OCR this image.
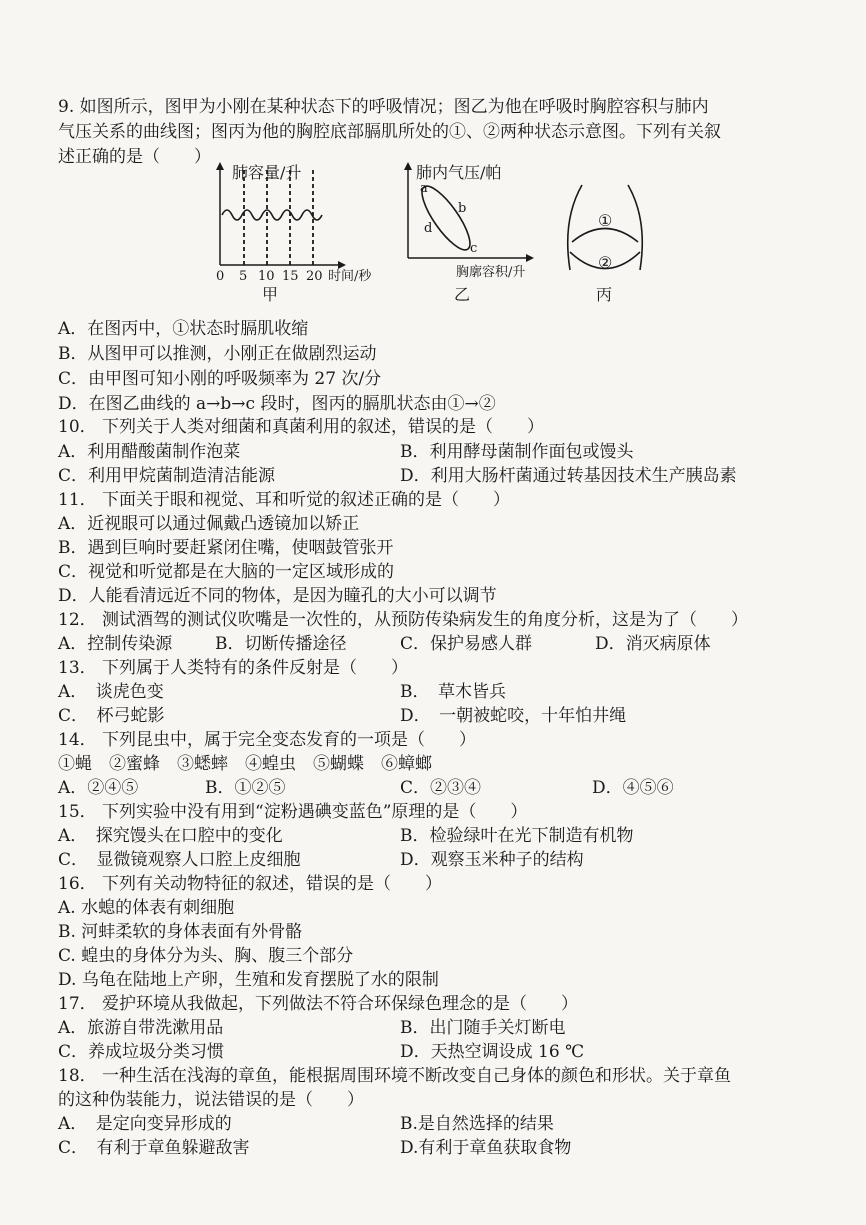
9. 如图所示，图甲为小刚在某种状态下的呼吸情况；图乙为他在呼吸时胸腔容积与肺内
气压关系的曲线图；图丙为他的胸腔底部膈肌所处的①、②两种状态示意图。下列有关叙
述正确的是（　　）
肺容量/升
0 5 10 15 20 时间/秒
甲
肺内气压/帕
a
b
c
d
胸廓容积/升
乙
①
②
丙
A．在图丙中，①状态时膈肌收缩
B．从图甲可以推测，小刚正在做剧烈运动
C．由甲图可知小刚的呼吸频率为 27 次/分
D．在图乙曲线的 a→b→c 段时，图丙的膈肌状态由①→②
10． 下列关于人类对细菌和真菌利用的叙述，错误的是（　　）
A．利用醋酸菌制作泡菜	B．利用酵母菌制作面包或馒头
C．利用甲烷菌制造清洁能源	D．利用大肠杆菌通过转基因技术生产胰岛素
11． 下面关于眼和视觉、耳和听觉的叙述正确的是（　　）
A．近视眼可以通过佩戴凸透镜加以矫正
B．遇到巨响时要赶紧闭住嘴，使咽鼓管张开
C．视觉和听觉都是在大脑的一定区域形成的
D．人能看清远近不同的物体，是因为瞳孔的大小可以调节
12． 测试酒驾的测试仪吹嘴是一次性的，从预防传染病发生的角度分析，这是为了（　　）
A．控制传染源	B．切断传播途径	C．保护易感人群	D．消灭病原体
13． 下列属于人类特有的条件反射是（　　）
A．　谈虎色变	B．　草木皆兵
C．　杯弓蛇影	D．　一朝被蛇咬，十年怕井绳
14． 下列昆虫中，属于完全变态发育的一项是（　　）
①蝇　②蜜蜂　③蟋蟀　④蝗虫　⑤蝴蝶　⑥蟑螂
A．②④⑤	B．①②⑤	C．②③④	D．④⑤⑥
15． 下列实验中没有用到“淀粉遇碘变蓝色”原理的是（　　）
A．　探究馒头在口腔中的变化	B．检验绿叶在光下制造有机物
C．　显微镜观察人口腔上皮细胞	D．观察玉米种子的结构
16． 下列有关动物特征的叙述，错误的是（　　）
A. 水螅的体表有刺细胞
B. 河蚌柔软的身体表面有外骨骼
C. 蝗虫的身体分为头、胸、腹三个部分
D. 乌龟在陆地上产卵，生殖和发育摆脱了水的限制
17． 爱护环境从我做起，下列做法不符合环保绿色理念的是（　　）
A．旅游自带洗漱用品	B．出门随手关灯断电
C．养成垃圾分类习惯	D．天热空调设成 16 ℃
18． 一种生活在浅海的章鱼，能根据周围环境不断改变自己身体的颜色和形状。关于章鱼
的这种伪装能力，说法错误的是（　　）
A．　是定向变异形成的	B.是自然选择的结果
C．　有利于章鱼躲避敌害	D.有利于章鱼获取食物
